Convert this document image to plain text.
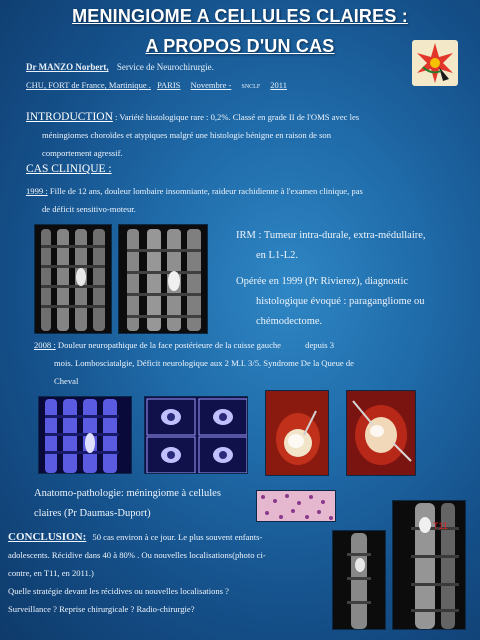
MENINGIOME A CELLULES CLAIRES :
A PROPOS D'UN CAS
Dr MANZO Norbert, Service de Neurochirurgie.
CHU, FORT de France, Martinique . PARIS Novembre - SNCLF 2011
INTRODUCTION : Variété histologique rare : 0,2%. Classé en grade II de l'OMS avec les
méningiomes choroïdes et atypiques malgré une histologie bénigne en raison de son
comportement agressif.
CAS CLINIQUE :
1999 : Fille de 12 ans, douleur lombaire insomniante, raideur rachidienne à l'examen clinique, pas
de déficit sensitivo-moteur.
IRM : Tumeur intra-durale, extra-médullaire,
en L1-L2.
Opérée en 1999 (Pr Rivierez), diagnostic
histologique évoqué : paragangliome ou
chémodectome.
2008 : Douleur neuropathique de la face postérieure de la cuisse gauche	depuis 3
mois. Lombosciatalgie, Déficit neurologique aux 2 M.I. 3/5. Syndrome De la Queue de
Cheval
Anatomo-pathologie: méningiome à cellules
claires (Pr Daumas-Duport)
T11
CONCLUSION: 50 cas environ à ce jour. Le plus souvent enfants-
adolescents. Récidive dans 40 à 80% . Ou nouvelles localisations(photo ci-
contre, en T11, en 2011.)
Quelle stratégie devant les récidives ou nouvelles localisations ?
Surveillance ? Reprise chirurgicale ? Radio-chirurgie?
